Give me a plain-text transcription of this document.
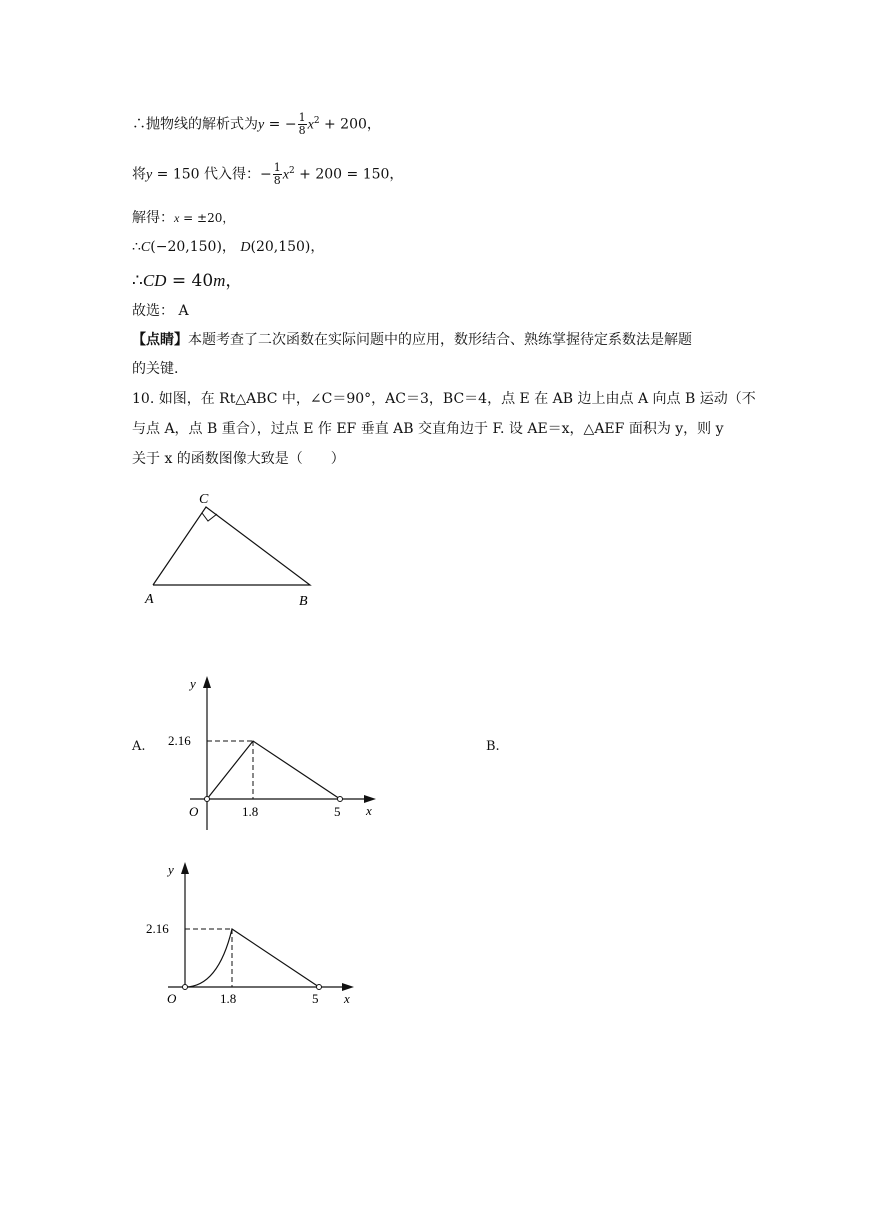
∴抛物线的解析式为y = − $\frac{1}{8} x^2 + 200$，
将y = 150 代入得：− $\frac{1}{8} x^2 + 200 = 150$，
解得：x = ±20，
∴C(−20,150)， D(20,150)，
∴CD = 40m，
故选： A
【点睛】本题考查了二次函数在实际问题中的应用，数形结合、熟练掌握待定系数法是解题
的关键.
10. 如图，在 Rt△ABC 中，∠C＝90°，AC＝3，BC＝4，点 E 在 AB 边上由点 A 向点 B 运动（不
与点 A，点 B 重合），过点 E 作 EF 垂直 AB 交直角边于 F. 设 AE＝x，△AEF 面积为 y，则 y
关于 x 的函数图像大致是（　　）
C
A	B
A.	B.
y
x
O
2.16
1.8	5
y
x
O
2.16
1.8	5
